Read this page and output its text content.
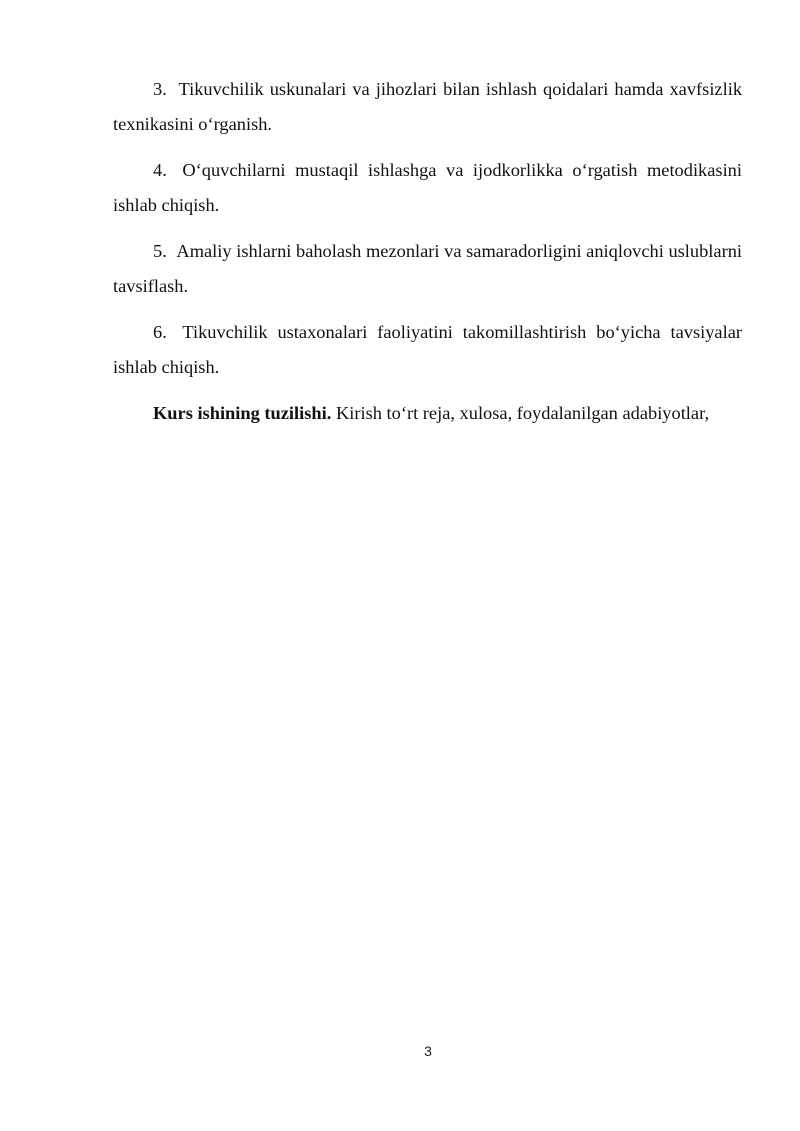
3. Tikuvchilik uskunalari va jihozlari bilan ishlash qoidalari hamda xavfsizlik texnikasini o‘rganish.

4. O‘quvchilarni mustaqil ishlashga va ijodkorlikka o‘rgatish metodikasini ishlab chiqish.

5. Amaliy ishlarni baholash mezonlari va samaradorligini aniqlovchi uslublarni tavsiflash.

6. Tikuvchilik ustaxonalari faoliyatini takomillashtirish bo‘yicha tavsiyalar ishlab chiqish.

Kurs ishining tuzilishi. Kirish to‘rt reja, xulosa, foydalanilgan adabiyotlar,

3
